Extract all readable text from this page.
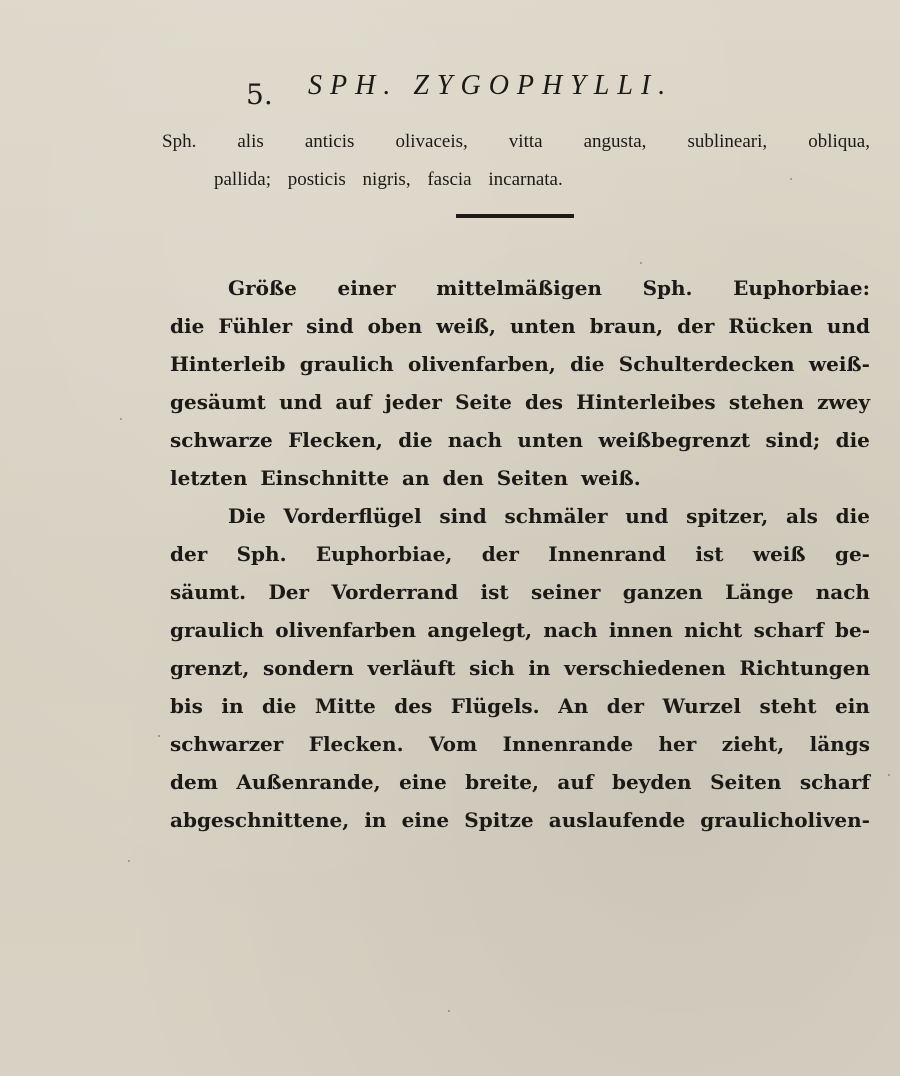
5. SPH. ZYGOPHYLLI.
Sph. alis anticis olivaceis, vitta angusta, sublineari, obliqua,
pallida; posticis nigris, fascia incarnata.
Größe einer mittelmäßigen Sph. Euphorbiae:
die Fühler sind oben weiß, unten braun, der Rücken und
Hinterleib graulich olivenfarben, die Schulterdecken weiß-
gesäumt und auf jeder Seite des Hinterleibes stehen zwey
schwarze Flecken, die nach unten weißbegrenzt sind; die
letzten Einschnitte an den Seiten weiß.
Die Vorderflügel sind schmäler und spitzer, als die
der Sph. Euphorbiae, der Innenrand ist weiß ge-
säumt. Der Vorderrand ist seiner ganzen Länge nach
graulich olivenfarben angelegt, nach innen nicht scharf be-
grenzt, sondern verläuft sich in verschiedenen Richtungen
bis in die Mitte des Flügels. An der Wurzel steht ein
schwarzer Flecken. Vom Innenrande her zieht, längs
dem Außenrande, eine breite, auf beyden Seiten scharf
abgeschnittene, in eine Spitze auslaufende graulicholiven-
